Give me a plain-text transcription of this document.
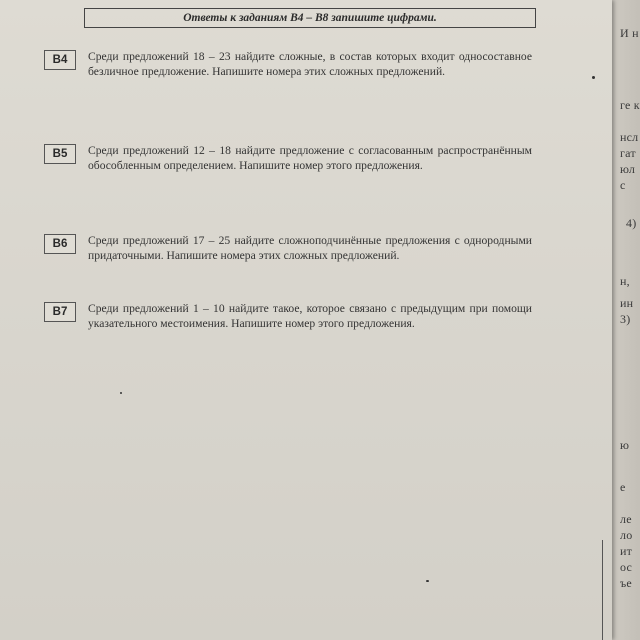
И н
ге к
нсл
гат
юл
с
4)
н,
ин
3)
ю
е
ле
ло
ит
ос
ъе
Ответы к заданиям В4 – В8 запишите цифрами.
B4	Среди предложений 18 – 23 найдите сложные, в состав которых входит односоставное безличное предложение. Напишите номера этих сложных предложений.
B5	Среди предложений 12 – 18 найдите предложение с согласованным распространённым обособленным определением. Напишите номер этого предложения.
B6	Среди предложений 17 – 25 найдите сложноподчинённые предложения с однородными придаточными. Напишите номера этих сложных предложений.
B7	Среди предложений 1 – 10 найдите такое, которое связано с предыдущим при помощи указательного местоимения. Напишите номер этого предложения.
